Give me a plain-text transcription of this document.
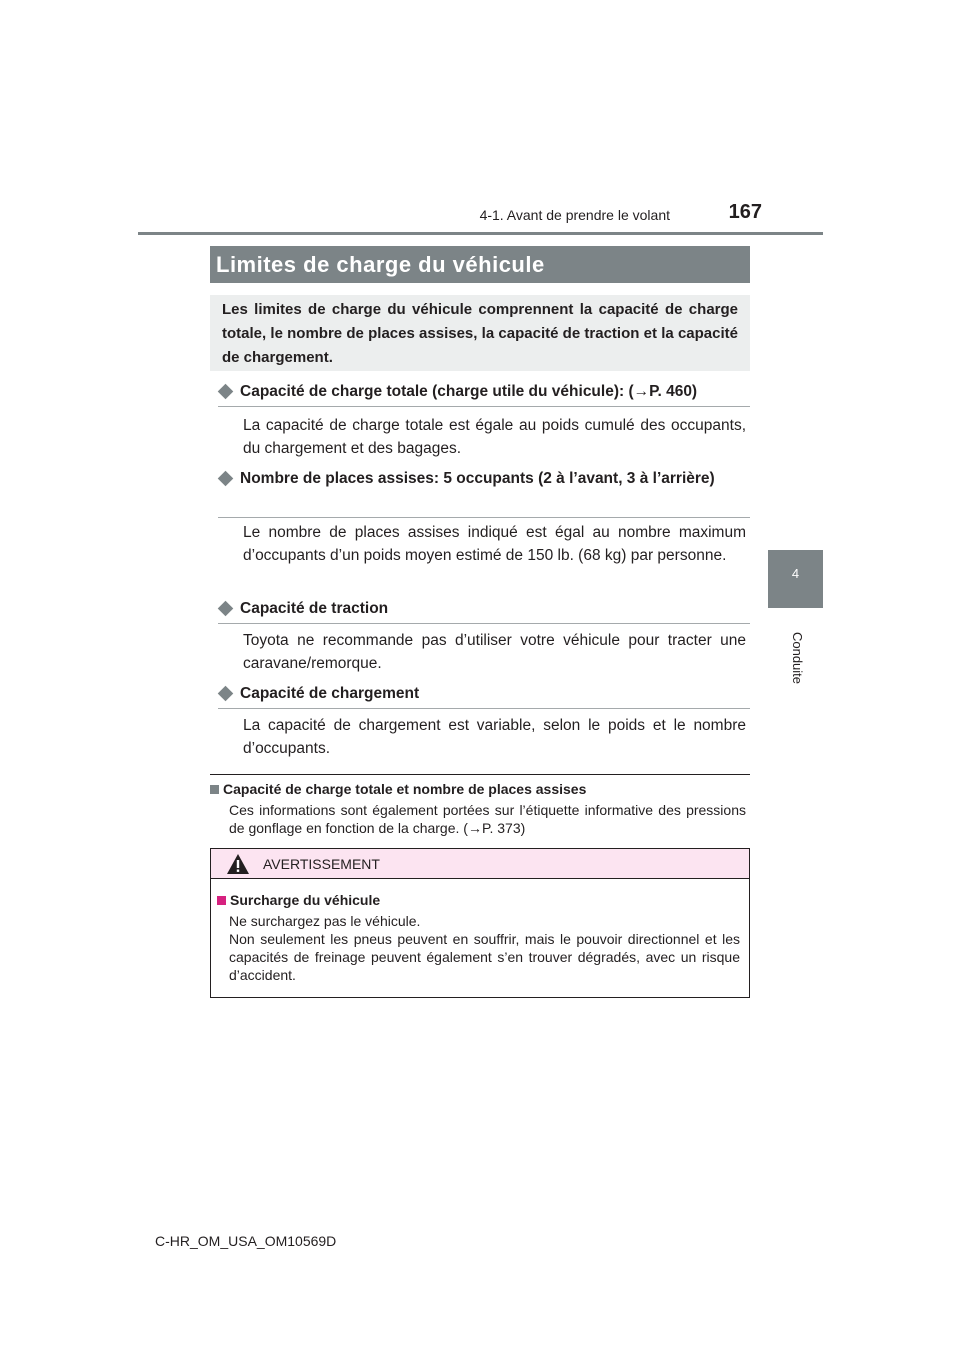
4-1. Avant de prendre le volant	167
4
Conduite
Limites de charge du véhicule
Les limites de charge du véhicule comprennent la capacité de charge totale, le nombre de places assises, la capacité de traction et la capacité de chargement.
Capacité de charge totale (charge utile du véhicule): (→P. 460)
La capacité de charge totale est égale au poids cumulé des occupants, du chargement et des bagages.
Nombre de places assises: 5 occupants (2 à l’avant, 3 à l’arrière)
Le nombre de places assises indiqué est égal au nombre maximum d’occupants d’un poids moyen estimé de 150 lb. (68 kg) par personne.
Capacité de traction
Toyota ne recommande pas d’utiliser votre véhicule pour tracter une caravane/remorque.
Capacité de chargement
La capacité de chargement est variable, selon le poids et le nombre d’occupants.
Capacité de charge totale et nombre de places assises
Ces informations sont également portées sur l’étiquette informative des pressions de gonflage en fonction de la charge. (→P. 373)
AVERTISSEMENT
Surcharge du véhicule
Ne surchargez pas le véhicule.
Non seulement les pneus peuvent en souffrir, mais le pouvoir directionnel et les capacités de freinage peuvent également s’en trouver dégradés, avec un risque d’accident.
C-HR_OM_USA_OM10569D
